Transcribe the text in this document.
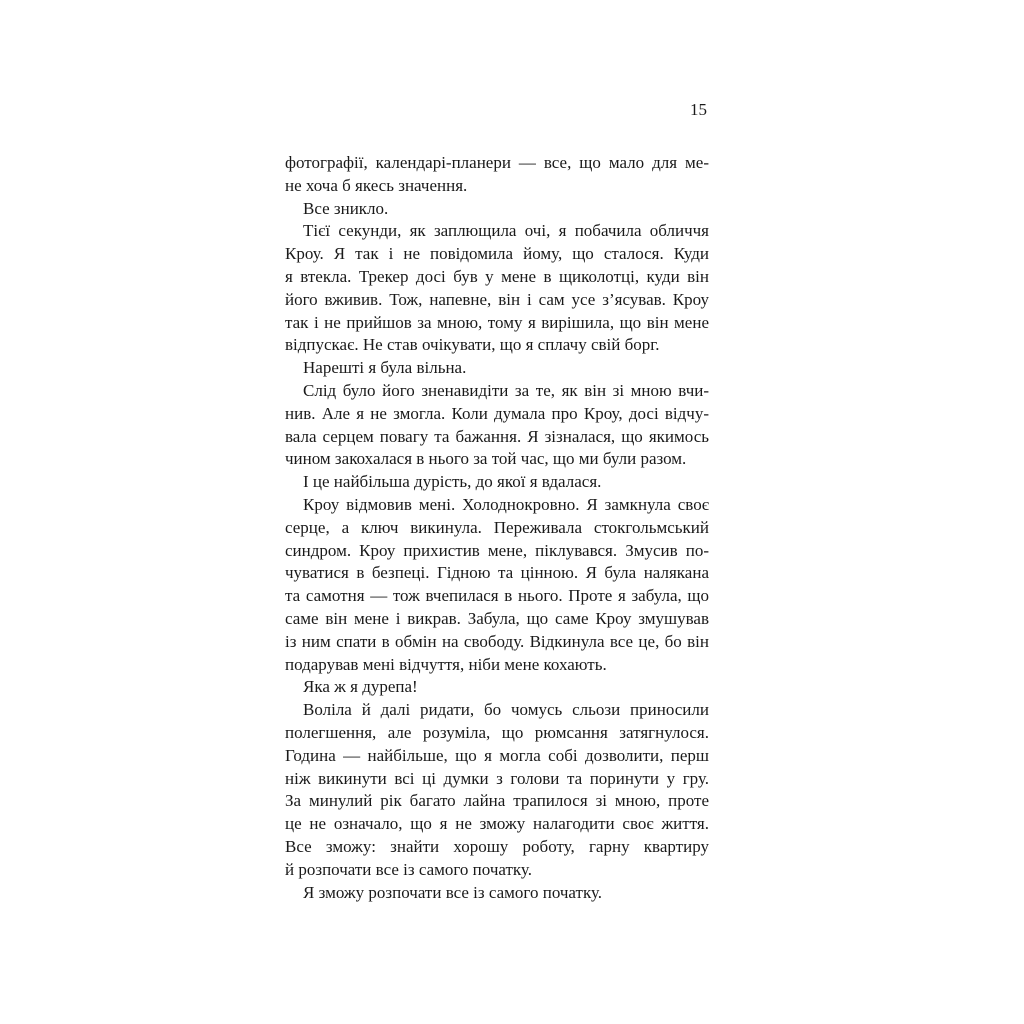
15
фотографії, календарі-планери — все, що мало для ме-
не хоча б якесь значення.
Все зникло.
Тієї секунди, як заплющила очі, я побачила обличчя
Кроу. Я так і не повідомила йому, що сталося. Куди
я втекла. Трекер досі був у мене в щиколотці, куди він
його вживив. Тож, напевне, він і сам усе з’ясував. Кроу
так і не прийшов за мною, тому я вирішила, що він мене
відпускає. Не став очікувати, що я сплачу свій борг.
Нарешті я була вільна.
Слід було його зненавидіти за те, як він зі мною вчи-
нив. Але я не змогла. Коли думала про Кроу, досі відчу-
вала серцем повагу та бажання. Я зізналася, що якимось
чином закохалася в нього за той час, що ми були разом.
І це найбільша дурість, до якої я вдалася.
Кроу відмовив мені. Холоднокровно. Я замкнула своє
серце, а ключ викинула. Переживала стокгольмський
синдром. Кроу прихистив мене, піклувався. Змусив по-
чуватися в безпеці. Гідною та цінною. Я була налякана
та самотня — тож вчепилася в нього. Проте я забула, що
саме він мене і викрав. Забула, що саме Кроу змушував
із ним спати в обмін на свободу. Відкинула все це, бо він
подарував мені відчуття, ніби мене кохають.
Яка ж я дурепа!
Воліла й далі ридати, бо чомусь сльози приносили
полегшення, але розуміла, що рюмсання затягнулося.
Година — найбільше, що я могла собі дозволити, перш
ніж викинути всі ці думки з голови та поринути у гру.
За минулий рік багато лайна трапилося зі мною, проте
це не означало, що я не зможу налагодити своє життя.
Все зможу: знайти хорошу роботу, гарну квартиру
й розпочати все із самого початку.
Я зможу розпочати все із самого початку.
